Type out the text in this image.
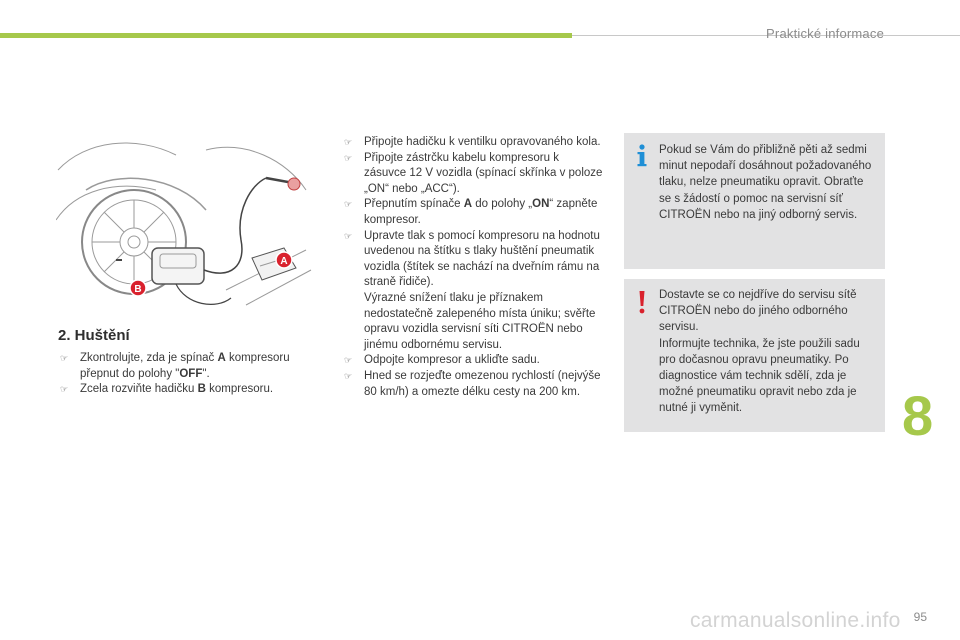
Praktické informace
A
B
2. Huštění
☞ Zkontrolujte, zda je spínač A kompresoru
přepnut do polohy "OFF".
☞ Zcela rozviňte hadičku B kompresoru.
☞ Připojte hadičku k ventilku opravovaného kola.
☞ Připojte zástrčku kabelu kompresoru k zásuvce 12 V vozidla (spínací skřínka v poloze „ON“ nebo „ACC“).
☞ Přepnutím spínače A do polohy „ON“ zapněte kompresor.
☞ Upravte tlak s pomocí kompresoru na hodnotu uvedenou na štítku s tlaky huštění pneumatik vozidla (štítek se nachází na dveřním rámu na straně řidiče).
Výrazné snížení tlaku je příznakem nedostatečně zalepeného místa úniku; svěřte opravu vozidla servisní síti CITROËN nebo jinému odbornému servisu.
☞ Odpojte kompresor a ukliďte sadu.
☞ Hned se rozjeďte omezenou rychlostí (nejvýše 80 km/h) a omezte délku cesty na 200 km.

Pokud se Vám do přibližně pěti až sedmi minut nepodaří dosáhnout požadovaného tlaku, nelze pneumatiku opravit. Obraťte se s žádostí o pomoc na servisní síť CITROËN nebo na jiný odborný servis.

Dostavte se co nejdříve do servisu sítě CITROËN nebo do jiného odborného servisu.
Informujte technika, že jste použili sadu pro dočasnou opravu pneumatiky. Po diagnostice vám technik sdělí, zda je možné pneumatiku opravit nebo zda je nutné ji vyměnit.	8
carmanualsonline.info 95
